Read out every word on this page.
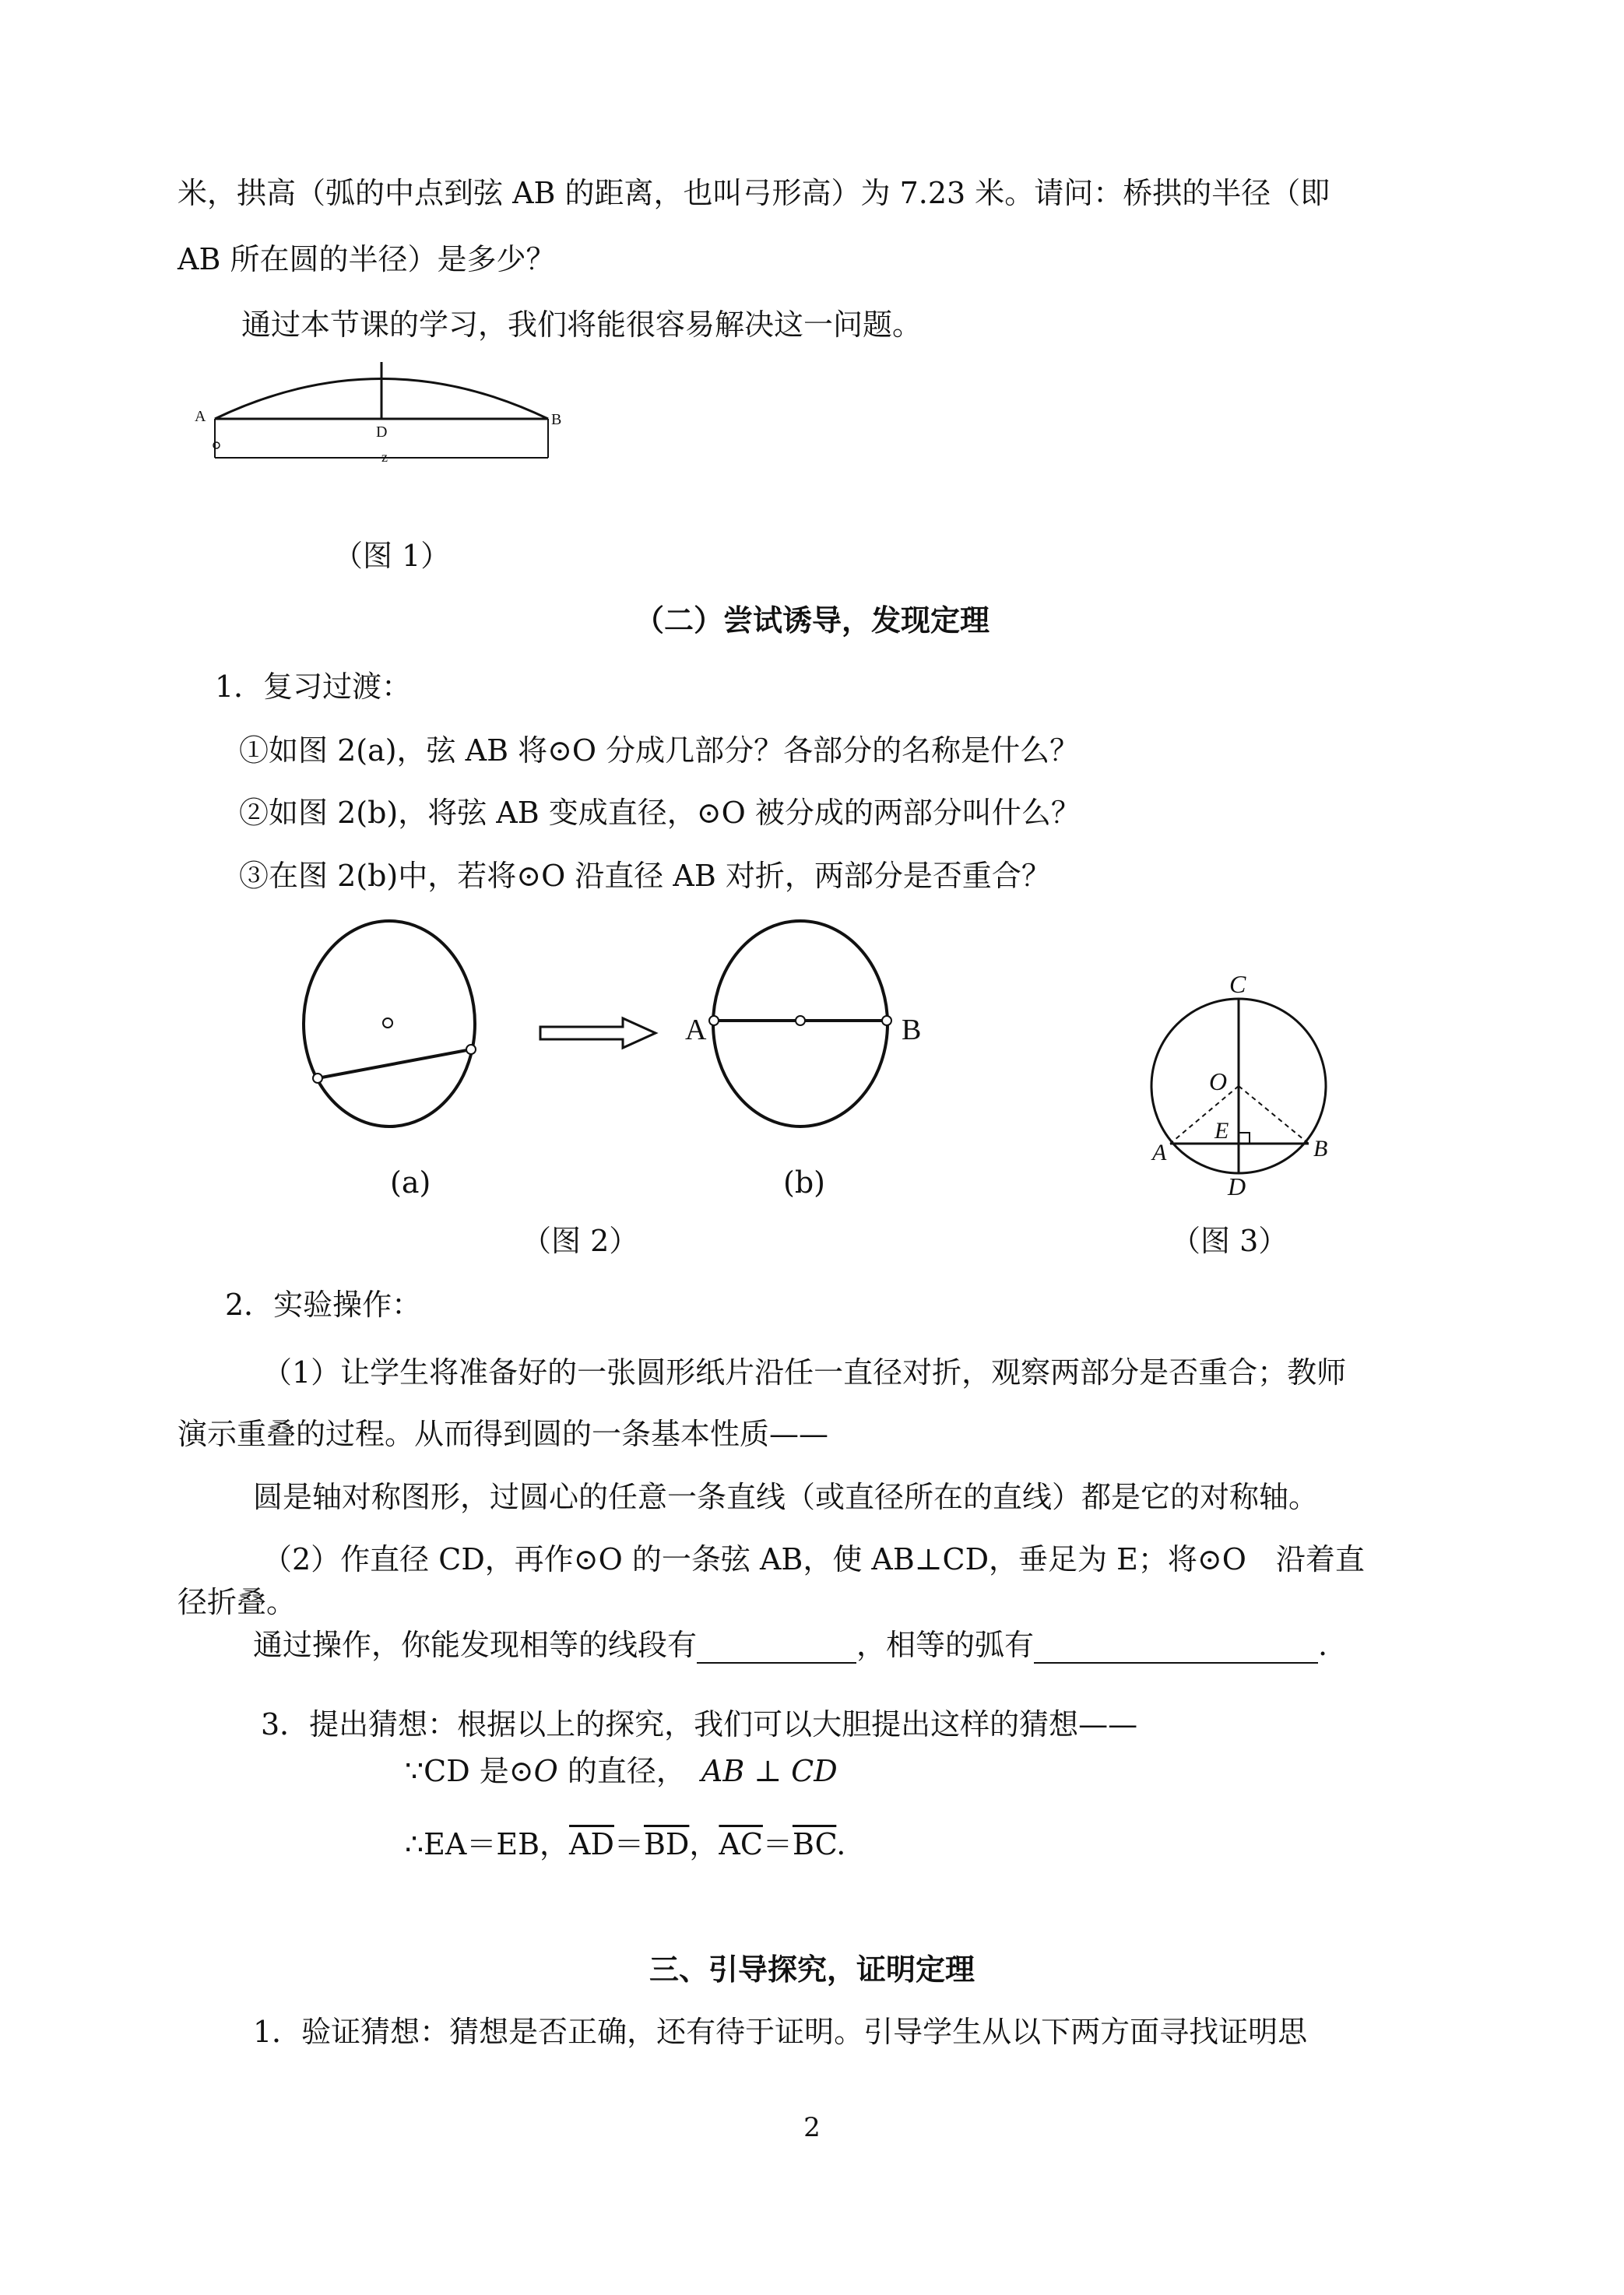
米，拱高（弧的中点到弦 AB 的距离，也叫弓形高）为 7.23 米。请问：桥拱的半径（即
AB 所在圆的半径）是多少？
通过本节课的学习，我们将能很容易解决这一问题。
A
D
B
z
（图 1）
（二）尝试诱导，发现定理
1．复习过渡：
①如图 2(a)，弦 AB 将⊙O 分成几部分？各部分的名称是什么？
②如图 2(b)，将弦 AB 变成直径，⊙O 被分成的两部分叫什么？
③在图 2(b)中，若将⊙O 沿直径 AB 对折，两部分是否重合？
A	B
(a)	(b)
（图 2）
C
O
E
A	B
D
（图 3）
2．实验操作：
（1）让学生将准备好的一张圆形纸片沿任一直径对折，观察两部分是否重合；教师
演示重叠的过程。从而得到圆的一条基本性质——
圆是轴对称图形，过圆心的任意一条直线（或直径所在的直线）都是它的对称轴。
（2）作直径 CD，再作⊙O 的一条弦 AB，使 AB⊥CD，垂足为 E；将⊙O　沿着直
径折叠。
通过操作，你能发现相等的线段有	，相等的弧有	.
3．提出猜想：根据以上的探究，我们可以大胆提出这样的猜想——
∵CD 是⊙O 的直径， AB ⊥ CD
∴EA＝EB，$\overline{AD}=\overline{BD}$，$\overline{AC}=\overline{BC}$.
三、引导探究，证明定理
1．验证猜想：猜想是否正确，还有待于证明。引导学生从以下两方面寻找证明思
2
